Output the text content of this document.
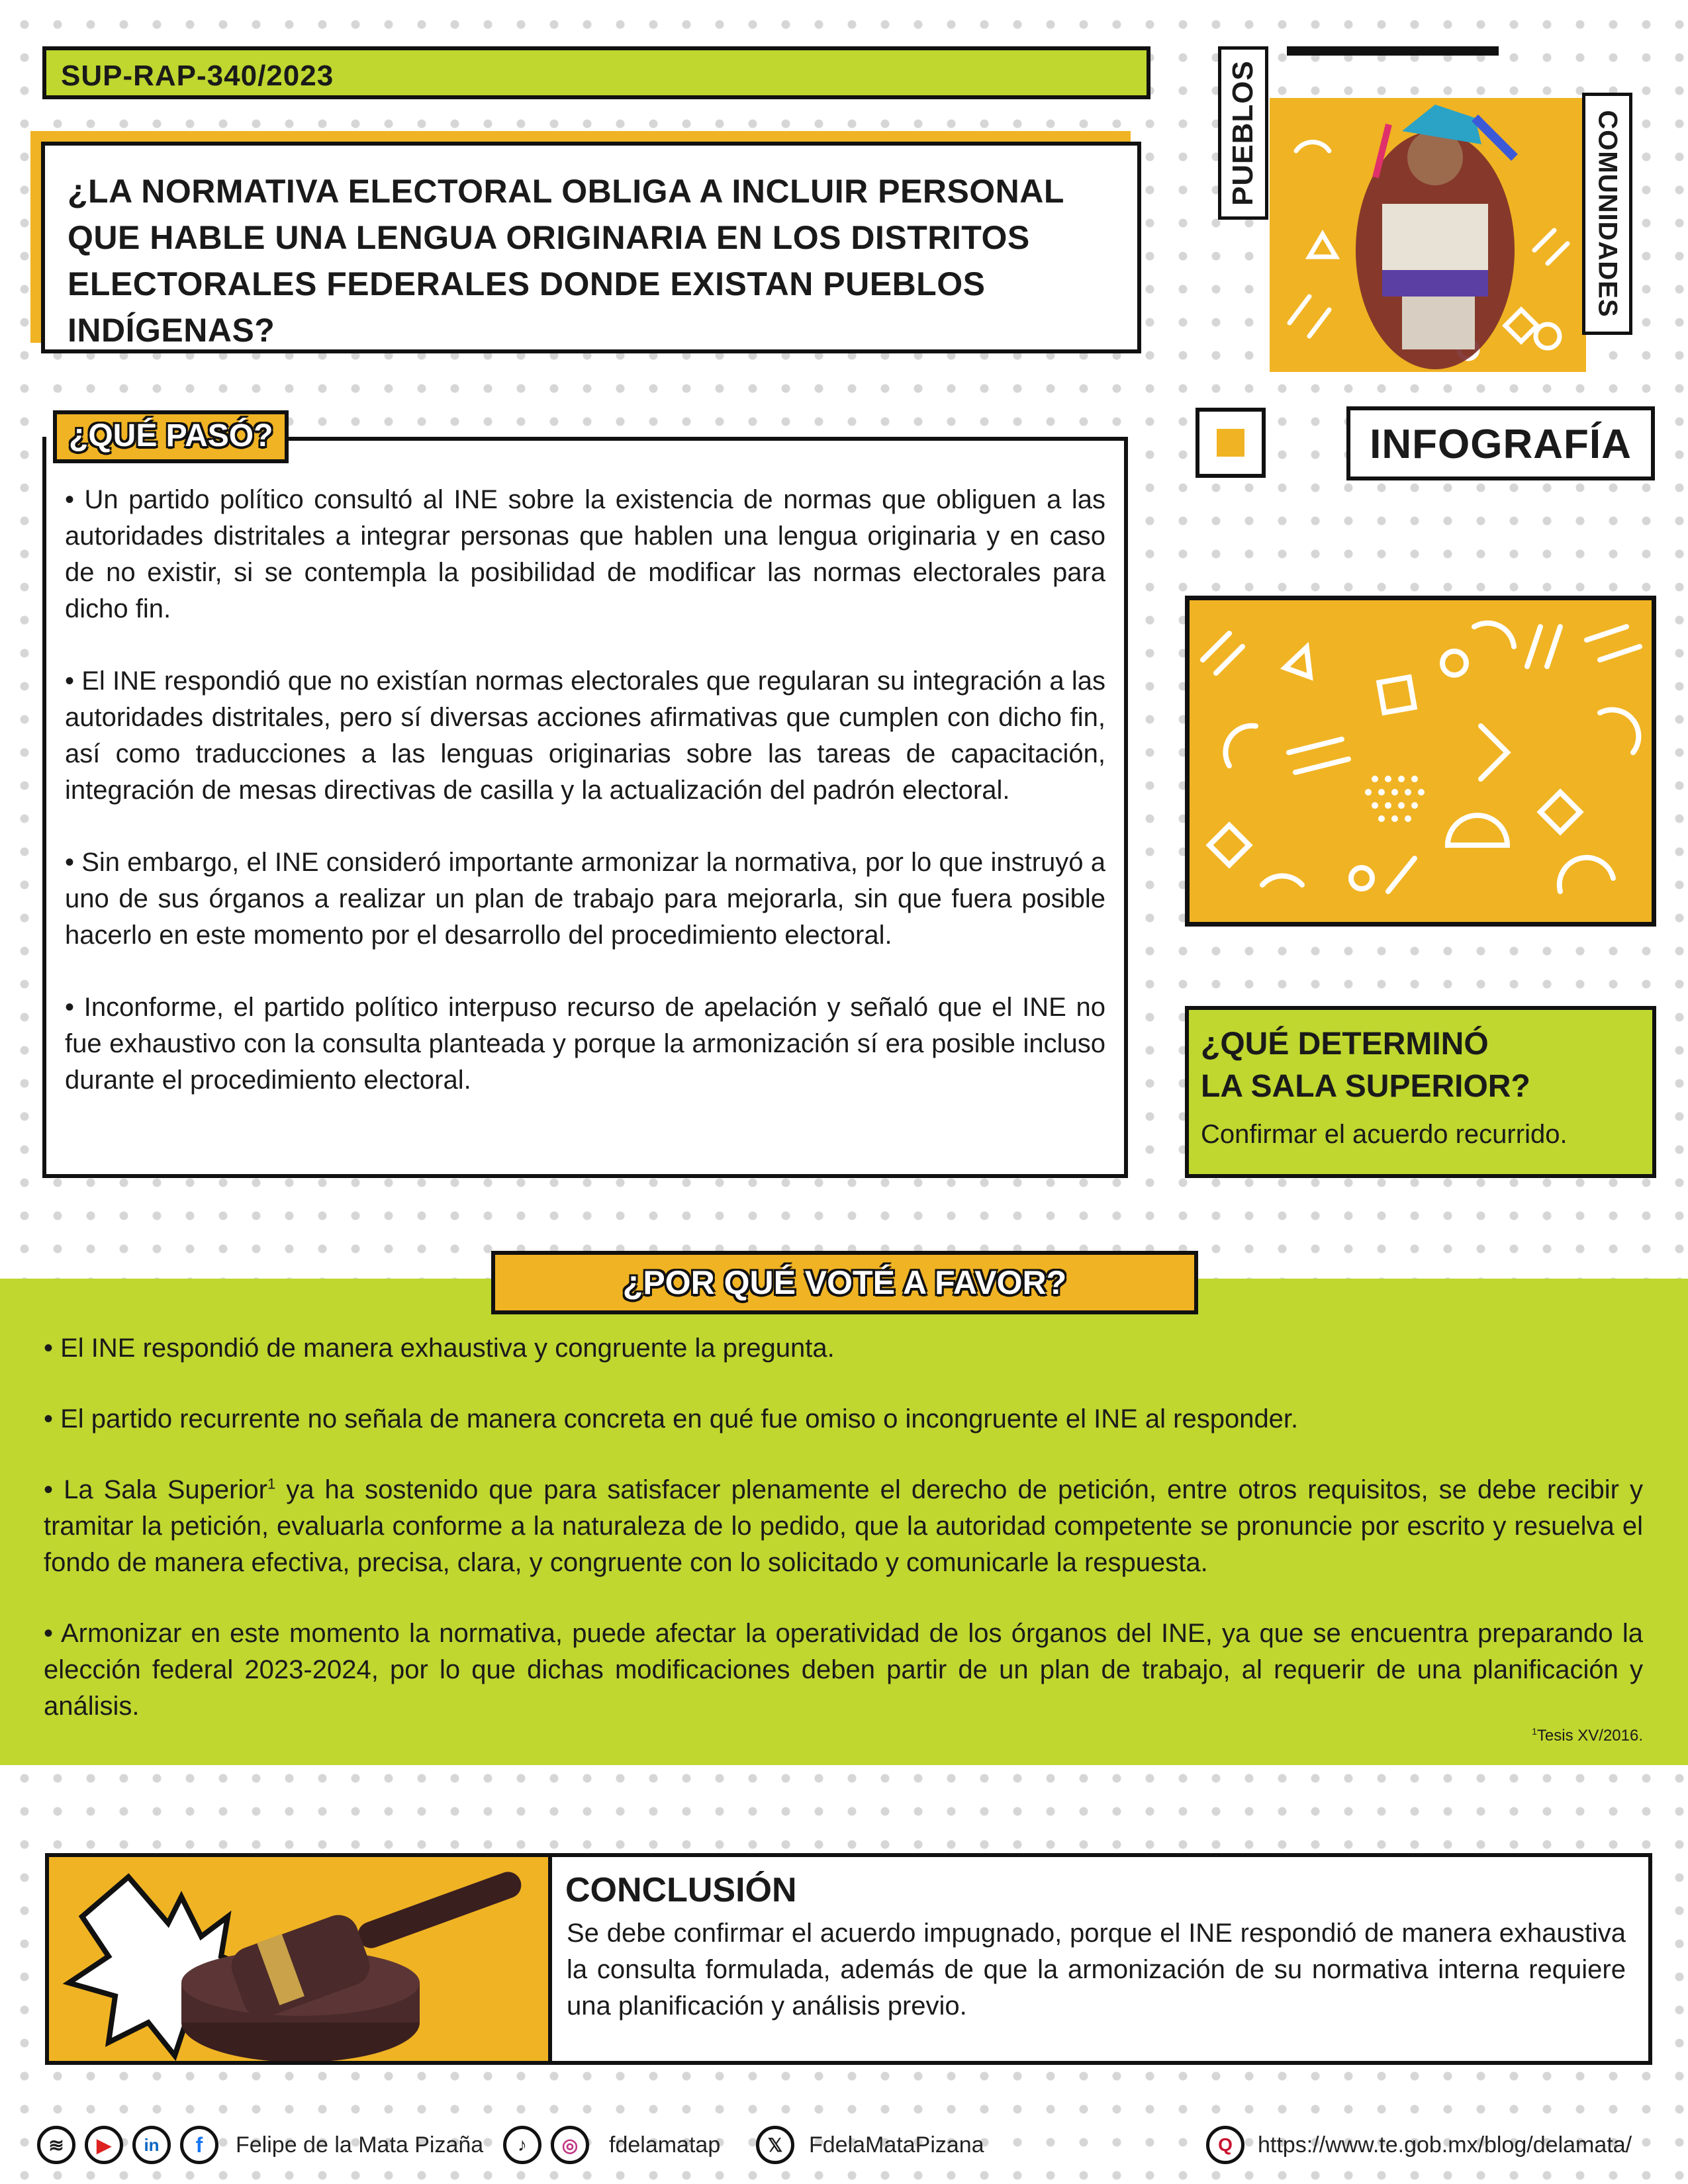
SUP-RAP-340/2023
¿LA NORMATIVA ELECTORAL OBLIGA A INCLUIR PERSONAL QUE HABLE UNA LENGUA ORIGINARIA EN LOS DISTRITOS ELECTORALES FEDERALES DONDE EXISTAN PUEBLOS INDÍGENAS?
PUEBLOS	COMUNIDADES
INFOGRAFÍA

• Un partido político consultó al INE sobre la existencia de normas que obliguen a las autoridades distritales a integrar personas que hablen una lengua originaria y en caso de no existir, si se contempla la posibilidad de modificar las normas electorales para dicho fin.

• El INE respondió que no existían normas electorales que regularan su integración a las autoridades distritales, pero sí diversas acciones afirmativas que cumplen con dicho fin, así como traducciones a las lenguas originarias sobre las tareas de capacitación, integración de mesas directivas de casilla y la actualización del padrón electoral.

• Sin embargo, el INE consideró importante armonizar la normativa, por lo que instruyó a uno de sus órganos a realizar un plan de trabajo para mejorarla, sin que fuera posible hacerlo en este momento por el desarrollo del procedimiento electoral.

• Inconforme, el partido político interpuso recurso de apelación y señaló que el INE no fue exhaustivo con la consulta planteada y porque la armonización sí era posible incluso durante el procedimiento electoral.

¿QUÉ PASÓ?
¿QUÉ DETERMINÓ
LA SALA SUPERIOR?

Confirmar el acuerdo recurrido.

¿POR QUÉ VOTÉ A FAVOR?

• El INE respondió de manera exhaustiva y congruente la pregunta.

• El partido recurrente no señala de manera concreta en qué fue omiso o incongruente el INE al responder.

• La Sala Superior$^1$ ya ha sostenido que para satisfacer plenamente el derecho de petición, entre otros requisitos, se debe recibir y tramitar la petición, evaluarla conforme a la naturaleza de lo pedido, que la autoridad competente se pronuncie por escrito y resuelva el fondo de manera efectiva, precisa, clara, y congruente con lo solicitado y comunicarle la respuesta.

• Armonizar en este momento la normativa, puede afectar la operatividad de los órganos del INE, ya que se encuentra preparando la elección federal 2023-2024, por lo que dichas modificaciones deben partir de un plan de trabajo, al requerir de una planificación y análisis.

$^1$Tesis XV/2016.
CONCLUSIÓN

Se debe confirmar el acuerdo impugnado, porque el INE respondió de manera exhaustiva la consulta formulada, además de que la armonización de su normativa interna requiere una planificación y análisis previo.

≋	▶ in f Felipe de la Mata Pizaña	♪	◎ fdelamatap	𝕏	FdelaMataPizana	Q https://www.te.gob.mx/blog/delamata/
